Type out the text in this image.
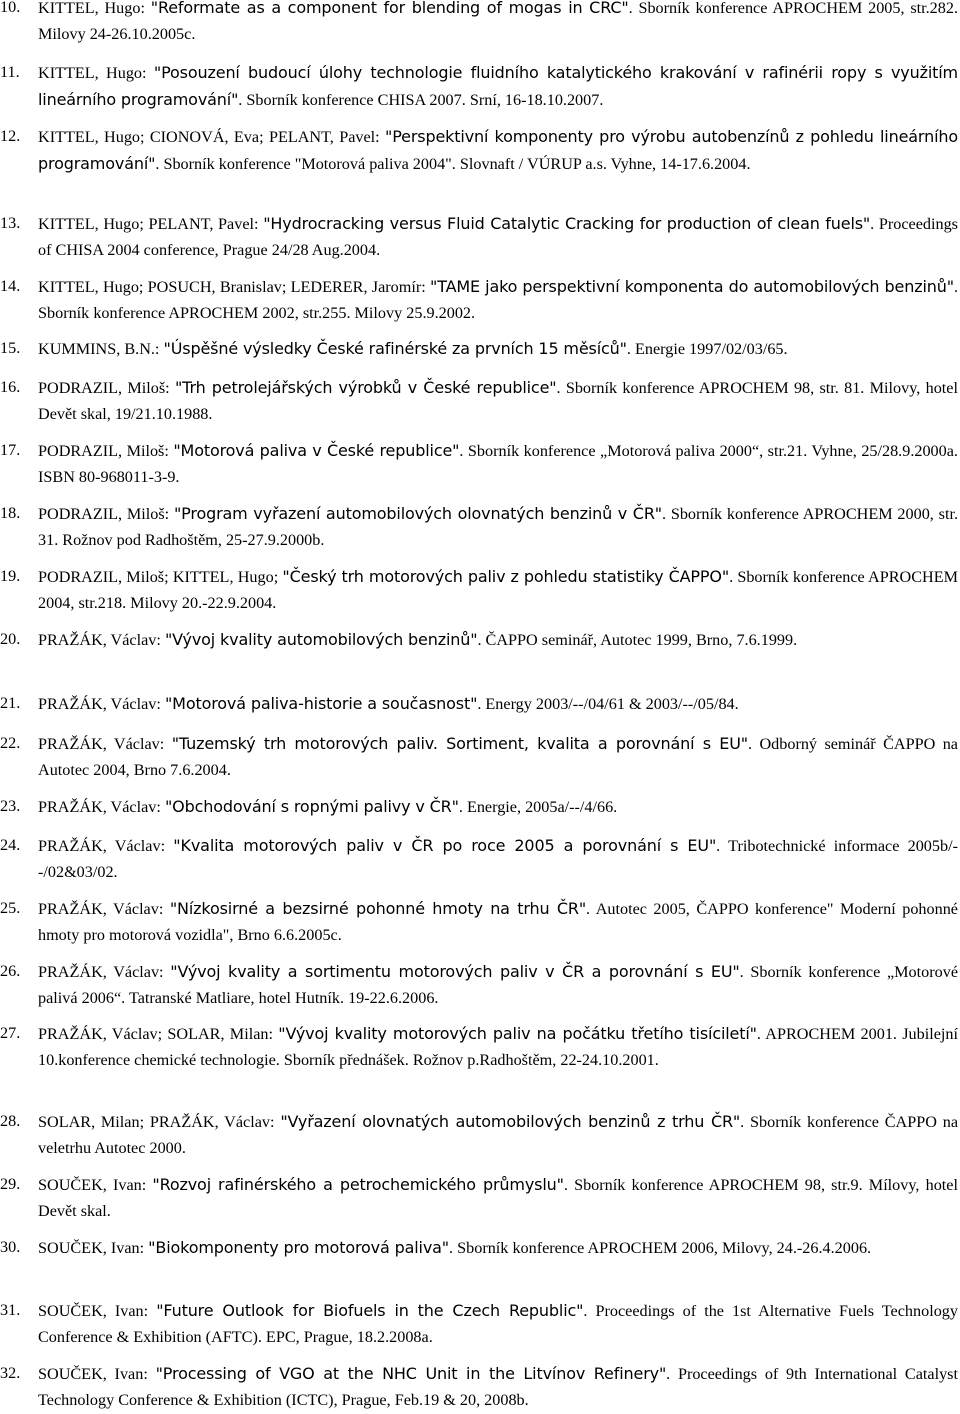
10.	KITTEL, Hugo: "Reformate as a component for blending of mogas in CRC". Sborník konference APROCHEM 2005, str.282. Milovy 24-26.10.2005c.
11.	KITTEL, Hugo: "Posouzení budoucí úlohy technologie fluidního katalytického krakování v rafinérii ropy s využitím lineárního programování". Sborník konference CHISA 2007. Srní, 16-18.10.2007.
12.	KITTEL, Hugo; CIONOVÁ, Eva; PELANT, Pavel: "Perspektivní komponenty pro výrobu autobenzínů z pohledu lineárního programování". Sborník konference "Motorová paliva 2004". Slovnaft / VÚRUP a.s. Vyhne, 14-17.6.2004.
13.	KITTEL, Hugo; PELANT, Pavel: "Hydrocracking versus Fluid Catalytic Cracking for production of clean fuels". Proceedings of CHISA 2004 conference, Prague 24/28 Aug.2004.
14.	KITTEL, Hugo; POSUCH, Branislav; LEDERER, Jaromír: "TAME jako perspektivní komponenta do automobilových benzinů". Sborník konference APROCHEM 2002, str.255. Milovy 25.9.2002.
15.	KUMMINS, B.N.: "Úspěšné výsledky České rafinérské za prvních 15 měsíců". Energie 1997/02/03/65.
16.	PODRAZIL, Miloš: "Trh petrolejářských výrobků v České republice". Sborník konference APROCHEM 98, str. 81. Milovy, hotel Devět skal, 19/21.10.1988.
17.	PODRAZIL, Miloš: "Motorová paliva v České republice". Sborník konference „Motorová paliva 2000“, str.21. Vyhne, 25/28.9.2000a. ISBN 80-968011-3-9.
18.	PODRAZIL, Miloš: "Program vyřazení automobilových olovnatých benzinů v ČR". Sborník konference APROCHEM 2000, str. 31. Rožnov pod Radhoštěm, 25-27.9.2000b.
19.	PODRAZIL, Miloš; KITTEL, Hugo; "Český trh motorových paliv z pohledu statistiky ČAPPO". Sborník konference APROCHEM 2004, str.218. Milovy 20.-22.9.2004.
20.	PRAŽÁK, Václav: "Vývoj kvality automobilových benzinů". ČAPPO seminář, Autotec 1999, Brno, 7.6.1999.
21.	PRAŽÁK, Václav: "Motorová paliva-historie a současnost". Energy 2003/--/04/61 & 2003/--/05/84.
22.	PRAŽÁK, Václav: "Tuzemský trh motorových paliv. Sortiment, kvalita a porovnání s EU". Odborný seminář ČAPPO na Autotec 2004, Brno 7.6.2004.
23.	PRAŽÁK, Václav: "Obchodování s ropnými palivy v ČR". Energie, 2005a/--/4/66.
24.	PRAŽÁK, Václav: "Kvalita motorových paliv v ČR po roce 2005 a porovnání s EU". Tribotechnické informace 2005b/--/02&03/02.
25.	PRAŽÁK, Václav: "Nízkosirné a bezsirné pohonné hmoty na trhu ČR". Autotec 2005, ČAPPO konference" Moderní pohonné hmoty pro motorová vozidla", Brno 6.6.2005c.
26.	PRAŽÁK, Václav: "Vývoj kvality a sortimentu motorových paliv v ČR a porovnání s EU". Sborník konference „Motorové palivá 2006“. Tatranské Matliare, hotel Hutník. 19-22.6.2006.
27.	PRAŽÁK, Václav; SOLAR, Milan: "Vývoj kvality motorových paliv na počátku třetího tisíciletí". APROCHEM 2001. Jubilejní 10.konference chemické technologie. Sborník přednášek. Rožnov p.Radhoštěm, 22-24.10.2001.
28.	SOLAR, Milan; PRAŽÁK, Václav: "Vyřazení olovnatých automobilových benzinů z trhu ČR". Sborník konference ČAPPO na veletrhu Autotec 2000.
29.	SOUČEK, Ivan: "Rozvoj rafinérského a petrochemického průmyslu". Sborník konference APROCHEM 98, str.9. Mílovy, hotel Devět skal.
30.	SOUČEK, Ivan: "Biokomponenty pro motorová paliva". Sborník konference APROCHEM 2006, Milovy, 24.-26.4.2006.
31.	SOUČEK, Ivan: "Future Outlook for Biofuels in the Czech Republic". Proceedings of the 1st Alternative Fuels Technology Conference & Exhibition (AFTC). EPC, Prague, 18.2.2008a.
32.	SOUČEK, Ivan: "Processing of VGO at the NHC Unit in the Litvínov Refinery". Proceedings of 9th International Catalyst Technology Conference & Exhibition (ICTC), Prague, Feb.19 & 20, 2008b.
